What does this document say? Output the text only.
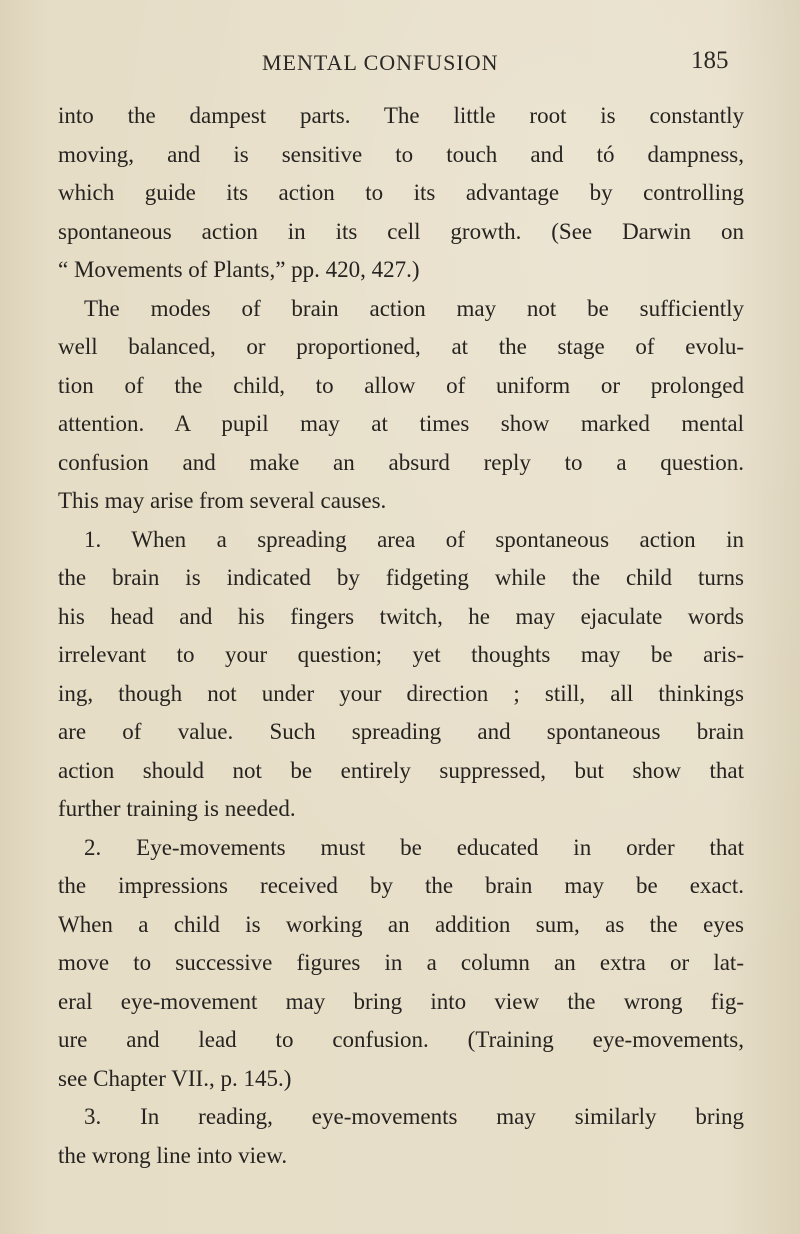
MENTAL CONFUSION	185
into the dampest parts. The little root is constantly
moving, and is sensitive to touch and tó dampness,
which guide its action to its advantage by controlling
spontaneous action in its cell growth. (See Darwin on
“ Movements of Plants,” pp. 420, 427.)
The modes of brain action may not be sufficiently
well balanced, or proportioned, at the stage of evolu-
tion of the child, to allow of uniform or prolonged
attention. A pupil may at times show marked mental
confusion and make an absurd reply to a question.
This may arise from several causes.
1. When a spreading area of spontaneous action in
the brain is indicated by fidgeting while the child turns
his head and his fingers twitch, he may ejaculate words
irrelevant to your question; yet thoughts may be aris-
ing, though not under your direction ; still, all thinkings
are of value. Such spreading and spontaneous brain
action should not be entirely suppressed, but show that
further training is needed.
2. Eye-movements must be educated in order that
the impressions received by the brain may be exact.
When a child is working an addition sum, as the eyes
move to successive figures in a column an extra or lat-
eral eye-movement may bring into view the wrong fig-
ure and lead to confusion. (Training eye-movements,
see Chapter VII., p. 145.)
3. In reading, eye-movements may similarly bring
the wrong line into view.
